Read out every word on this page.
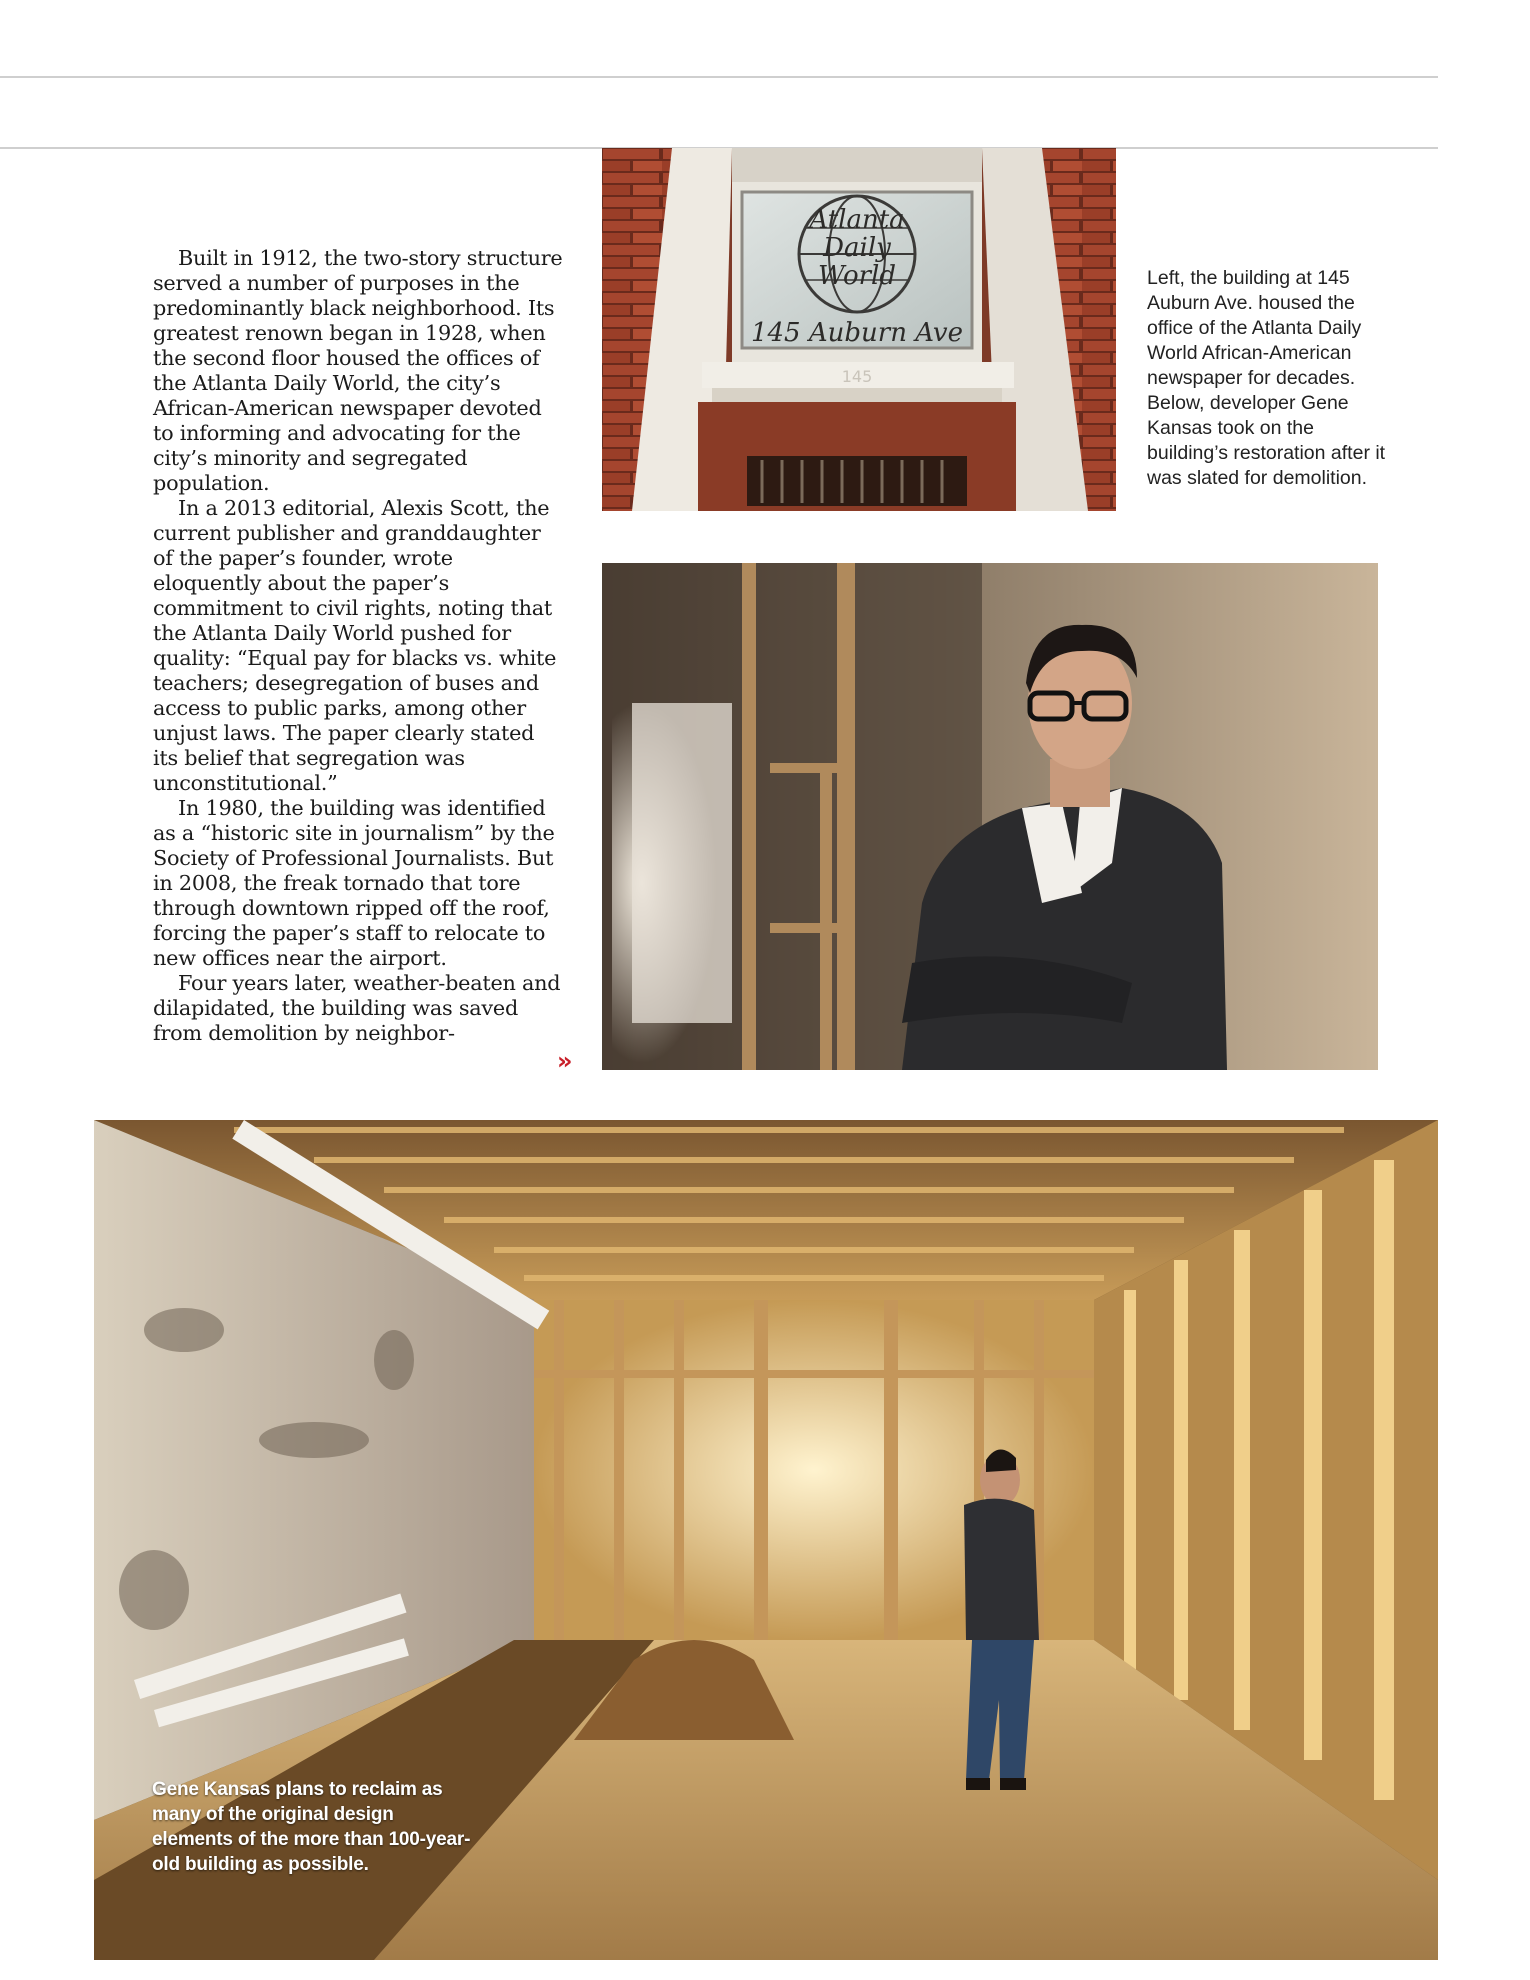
Built in 1912, the two-story structure served a number of purposes in the predominantly black neighborhood. Its greatest renown began in 1928, when the second floor housed the offices of the Atlanta Daily World, the city’s African-American newspaper devoted to informing and advocating for the city’s minority and segregated population.

In a 2013 editorial, Alexis Scott, the current publisher and granddaughter of the paper’s founder, wrote eloquently about the paper’s commitment to civil rights, noting that the Atlanta Daily World pushed for quality: “Equal pay for blacks vs. white teachers; desegregation of buses and access to public parks, among other unjust laws. The paper clearly stated its belief that segregation was unconstitutional.”

In 1980, the building was identified as a “historic site in journalism” by the Society of Professional Journalists. But in 2008, the freak tornado that tore through downtown ripped off the roof, forcing the paper’s staff to relocate to new offices near the airport.

Four years later, weather-beaten and dilapidated, the building was saved from demolition by neighbor-

»
Atlanta
Daily
World
145 Auburn Ave
145
Left, the building at 145 Auburn Ave. housed the office of the Atlanta Daily World African-American newspaper for decades. Below, developer Gene Kansas took on the building’s restoration after it was slated for demolition.
Gene Kansas plans to reclaim as many of the original design elements of the more than 100-year-old building as possible.
